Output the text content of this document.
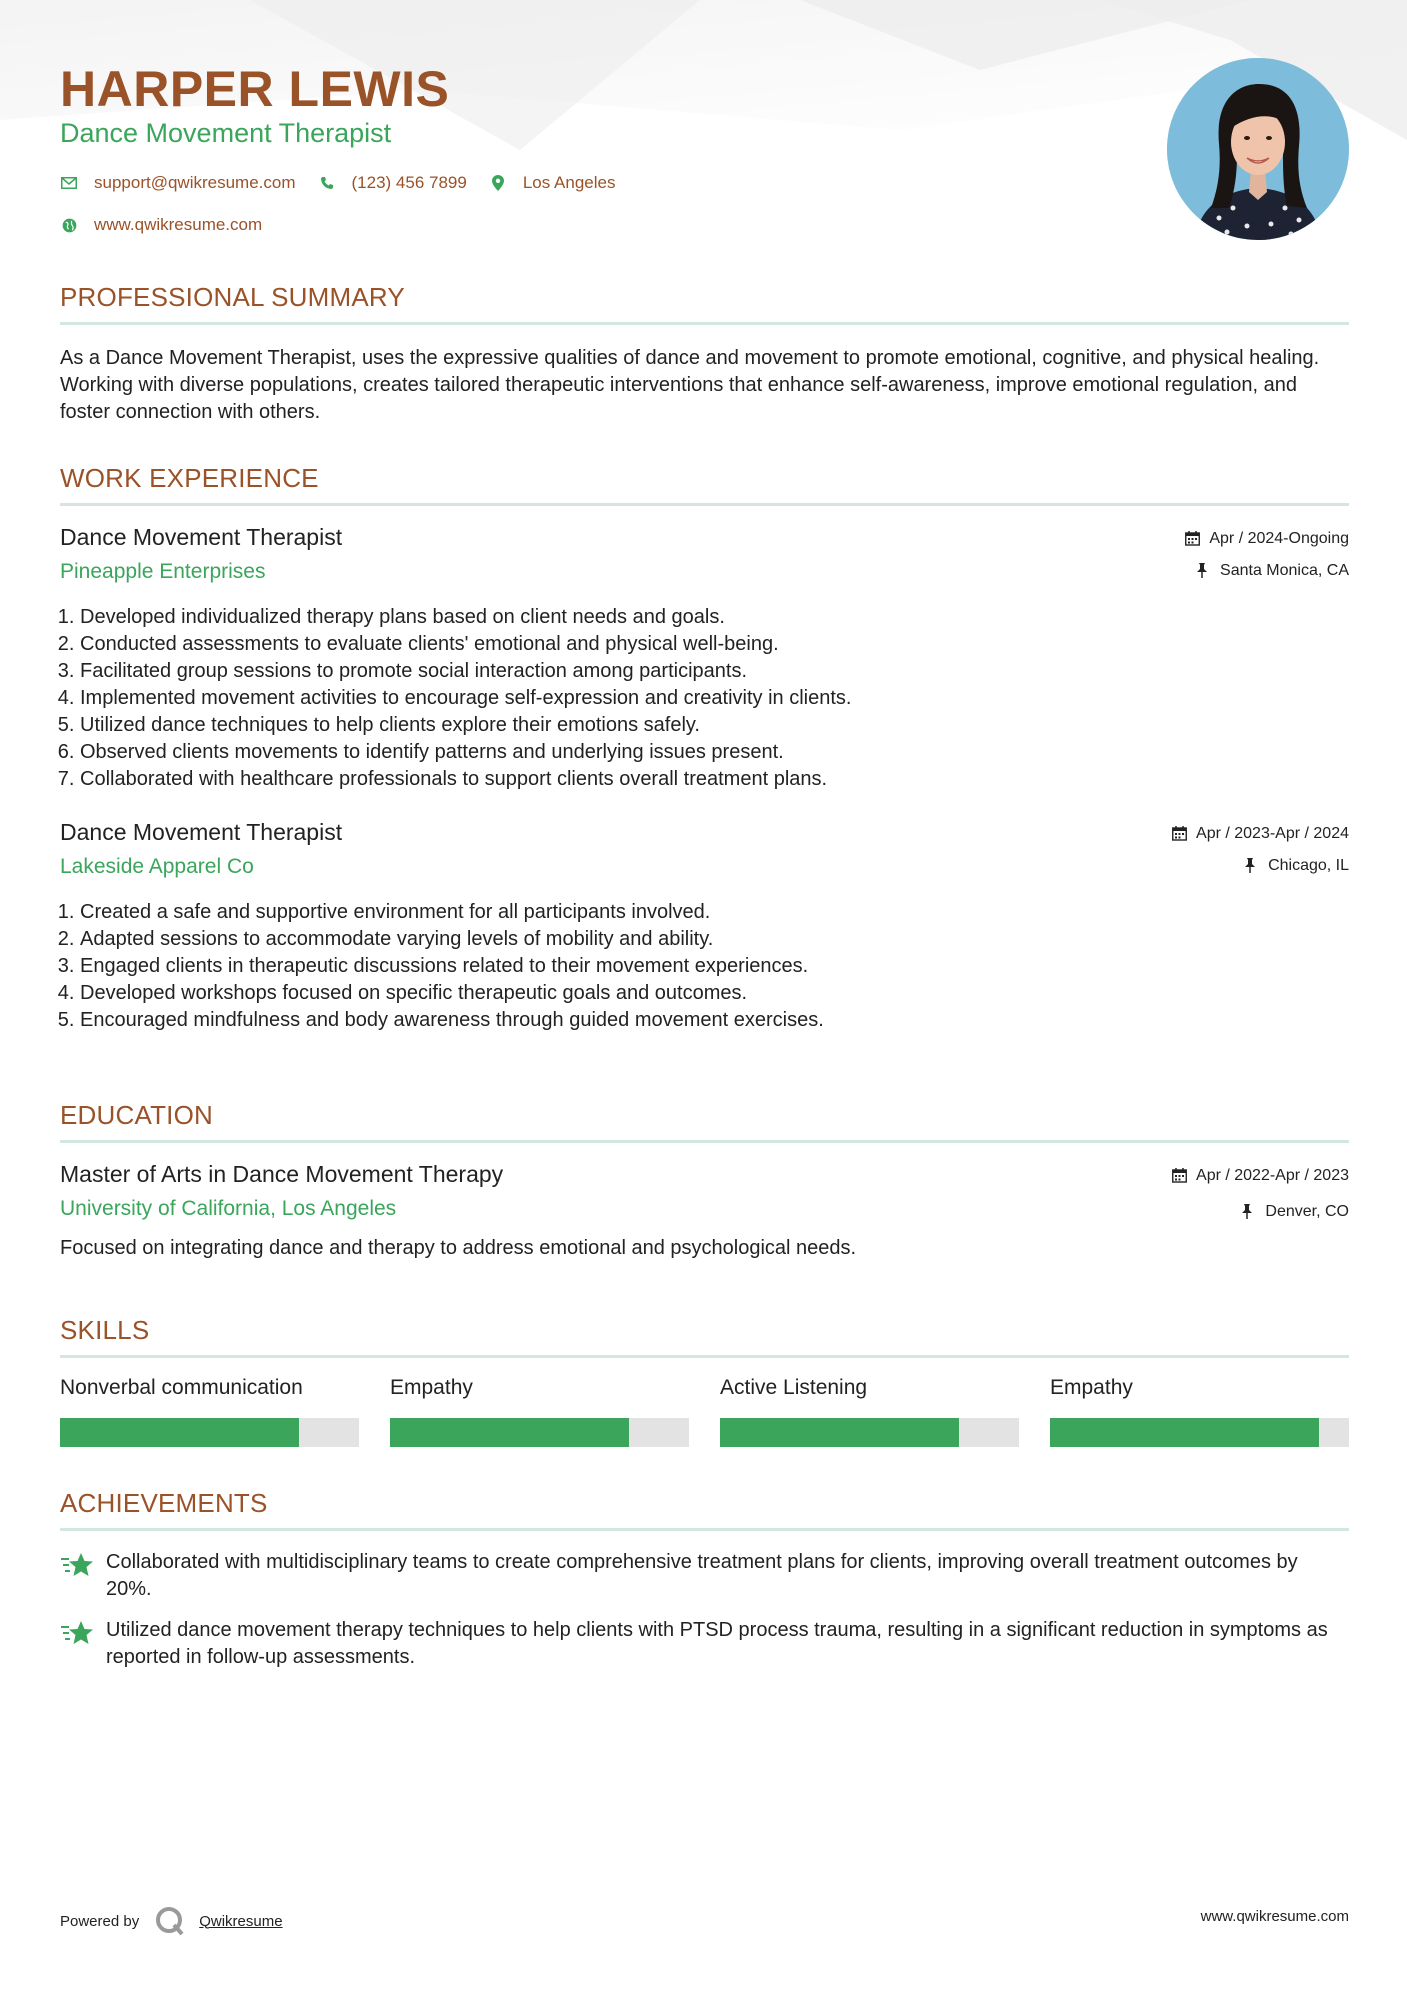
HARPER LEWIS
Dance Movement Therapist
support@qwikresume.com	(123) 456 7899	Los Angeles
www.qwikresume.com
PROFESSIONAL SUMMARY
As a Dance Movement Therapist, uses the expressive qualities of dance and movement to promote emotional, cognitive, and physical healing. Working with diverse populations, creates tailored therapeutic interventions that enhance self-awareness, improve emotional regulation, and foster connection with others.
WORK EXPERIENCE
Dance Movement Therapist
Pineapple Enterprises
Apr / 2024-Ongoing
Santa Monica, CA
1. Developed individualized therapy plans based on client needs and goals.
2. Conducted assessments to evaluate clients' emotional and physical well-being.
3. Facilitated group sessions to promote social interaction among participants.
4. Implemented movement activities to encourage self-expression and creativity in clients.
5. Utilized dance techniques to help clients explore their emotions safely.
6. Observed clients movements to identify patterns and underlying issues present.
7. Collaborated with healthcare professionals to support clients overall treatment plans.
Dance Movement Therapist
Lakeside Apparel Co
Apr / 2023-Apr / 2024
Chicago, IL
1. Created a safe and supportive environment for all participants involved.
2. Adapted sessions to accommodate varying levels of mobility and ability.
3. Engaged clients in therapeutic discussions related to their movement experiences.
4. Developed workshops focused on specific therapeutic goals and outcomes.
5. Encouraged mindfulness and body awareness through guided movement exercises.
EDUCATION
Master of Arts in Dance Movement Therapy
University of California, Los Angeles
Apr / 2022-Apr / 2023
Denver, CO
Focused on integrating dance and therapy to address emotional and psychological needs.
SKILLS
Nonverbal communication	Empathy	Active Listening	Empathy
ACHIEVEMENTS
Collaborated with multidisciplinary teams to create comprehensive treatment plans for clients, improving overall treatment outcomes by 20%.
Utilized dance movement therapy techniques to help clients with PTSD process trauma, resulting in a significant reduction in symptoms as reported in follow-up assessments.
Powered by	Qwikresume	www.qwikresume.com
